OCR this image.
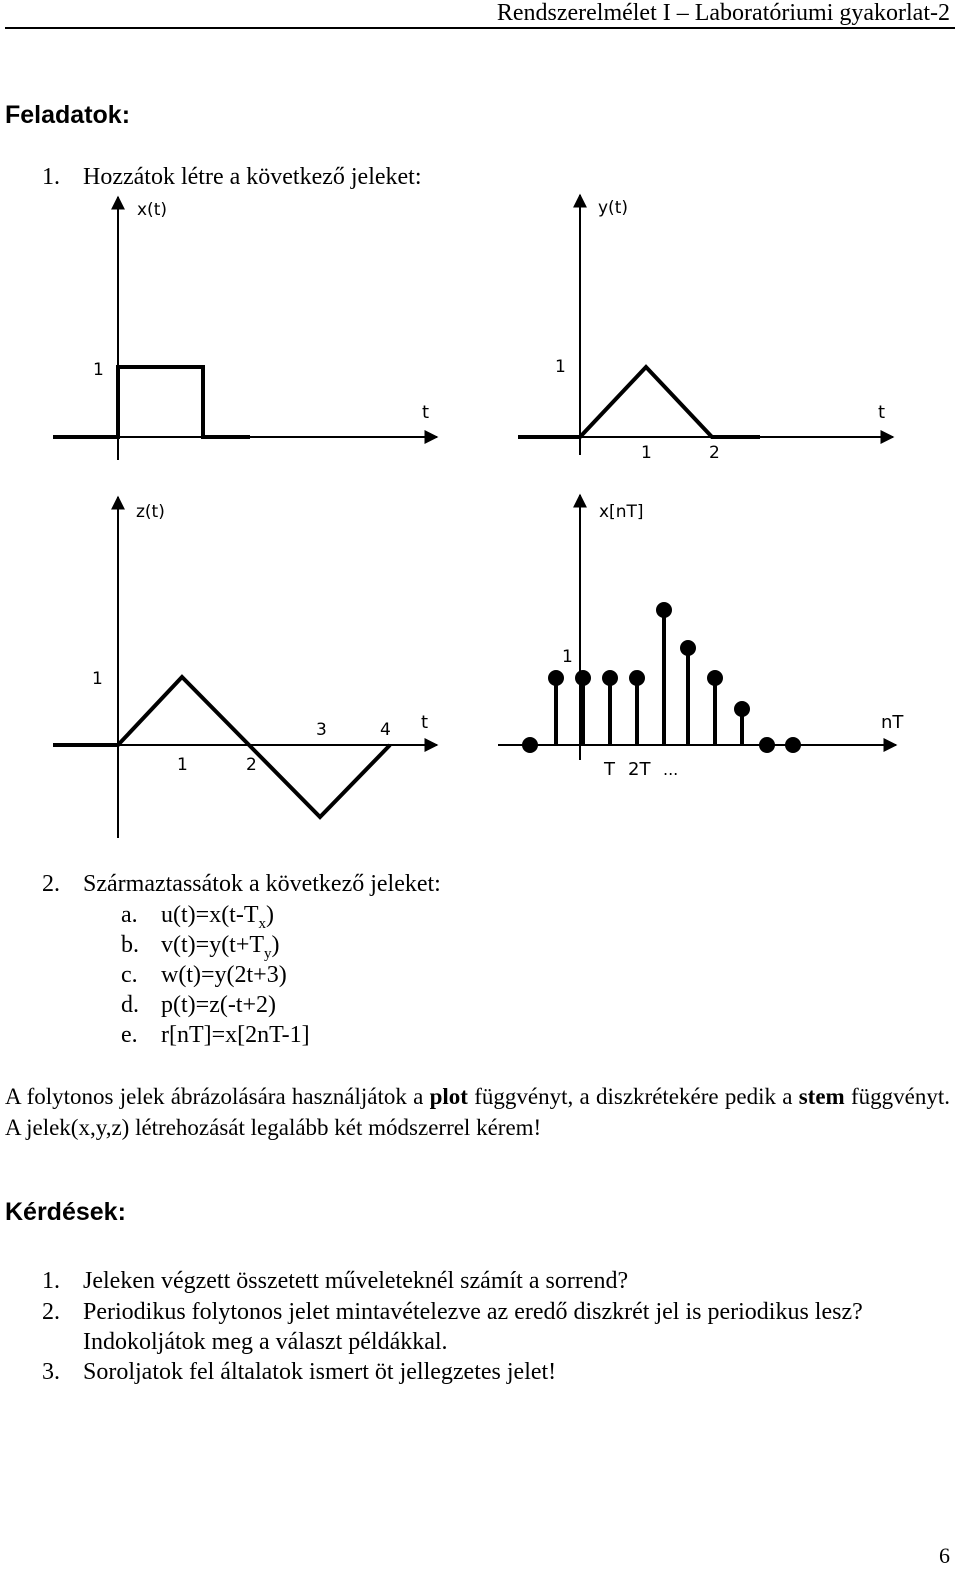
Rendszerelmélet I – Laboratóriumi gyakorlat-2
Feladatok:
1. Hozzátok létre a következő jeleket:
x(t)
1
t
y(t)
1
t
1	2
z(t)
1
t
1	2
3	4
x[nT]
1
nT
T 2T ...
2. Származtassátok a következő jeleket:
a. $u(t)=x(t-T_x)$
b. $v(t)=y(t+T_y)$
c. w(t)=y(2t+3)
d. p(t)=z(-t+2)
e. r[nT]=x[2nT-1]
A folytonos jelek ábrázolására használjátok a plot függvényt, a diszkrétekére pedik a stem függvényt. A jelek(x,y,z) létrehozását legalább két módszerrel kérem!
Kérdések:
1. Jeleken végzett összetett műveleteknél számít a sorrend?
2. Periodikus folytonos jelet mintavételezve az eredő diszkrét jel is periodikus lesz?
Indokoljátok meg a választ példákkal.
3. Soroljatok fel általatok ismert öt jellegzetes jelet!
6
